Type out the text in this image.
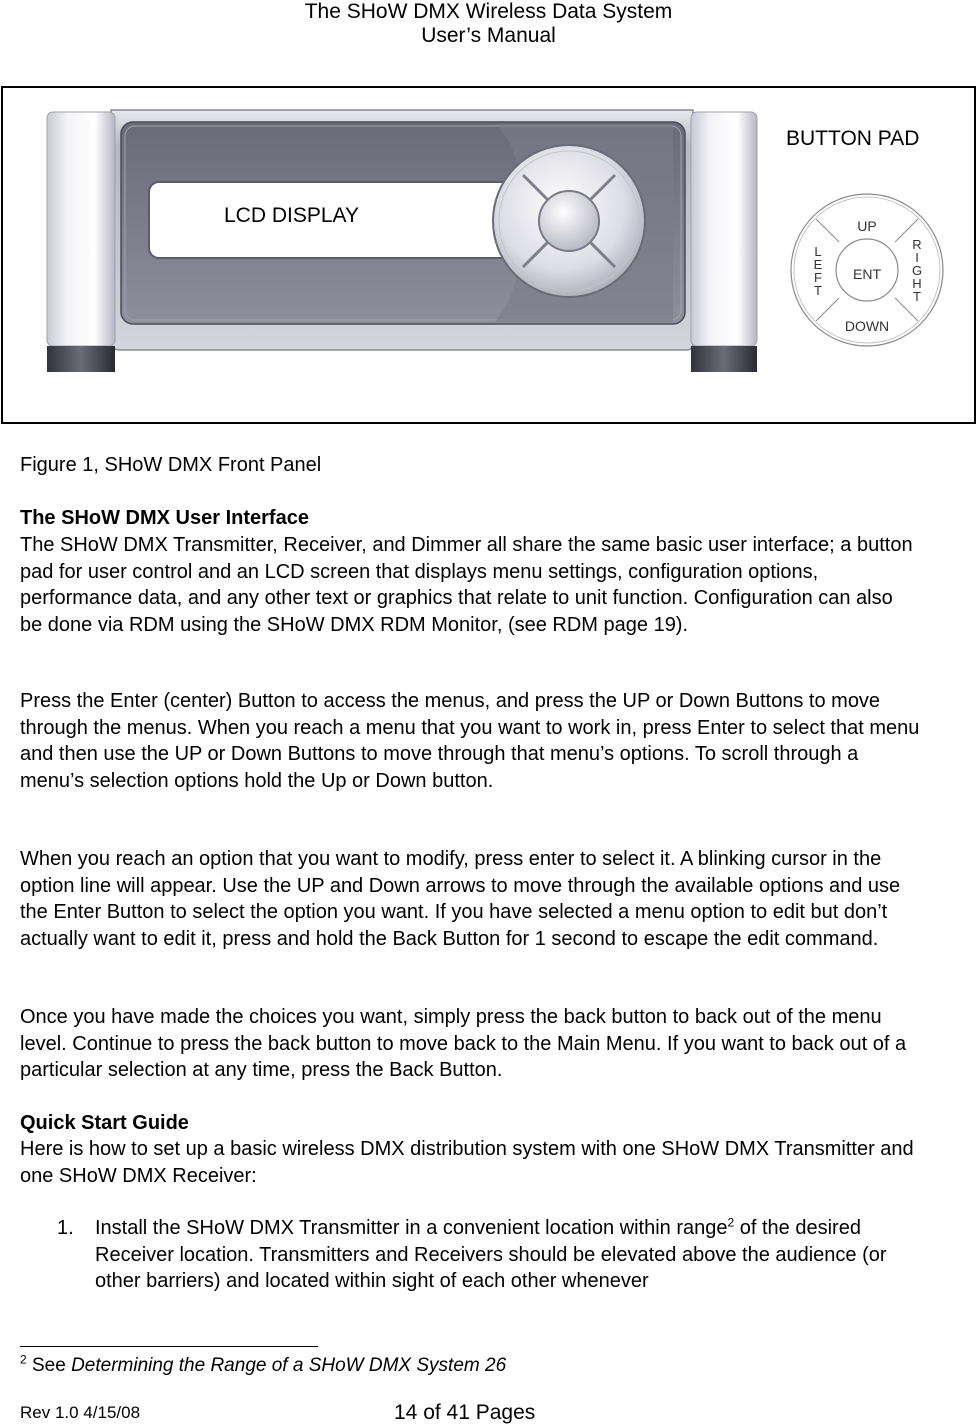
The SHoW DMX Wireless Data System
User’s Manual
LCD DISPLAY
BUTTON PAD
UP
DOWN
ENT
L
E
F
T
R
I
G
H
T
Figure 1, SHoW DMX Front Panel
The SHoW DMX User Interface

The SHoW DMX Transmitter, Receiver, and Dimmer all share the same basic user interface; a button pad for user control and an LCD screen that displays menu settings, configuration options, performance data, and any other text or graphics that relate to unit function. Configuration can also be done via RDM using the SHoW DMX RDM Monitor, (see RDM page 19).

Press the Enter (center) Button to access the menus, and press the UP or Down Buttons to move through the menus. When you reach a menu that you want to work in, press Enter to select that menu and then use the UP or Down Buttons to move through that menu’s options. To scroll through a menu’s selection options hold the Up or Down button.

When you reach an option that you want to modify, press enter to select it. A blinking cursor in the option line will appear. Use the UP and Down arrows to move through the available options and use the Enter Button to select the option you want. If you have selected a menu option to edit but don’t actually want to edit it, press and hold the Back Button for 1 second to escape the edit command.

Once you have made the choices you want, simply press the back button to back out of the menu level. Continue to press the back button to move back to the Main Menu. If you want to back out of a particular selection at any time, press the Back Button.

Quick Start Guide

Here is how to set up a basic wireless DMX distribution system with one SHoW DMX Transmitter and one SHoW DMX Receiver:

1. Install the SHoW DMX Transmitter in a convenient location within range$^2$ of the desired Receiver location. Transmitters and Receivers should be elevated above the audience (or other barriers) and located within sight of each other whenever
$^2$ See Determining the Range of a SHoW DMX System 26
Rev 1.0 4/15/08	14 of 41 Pages
